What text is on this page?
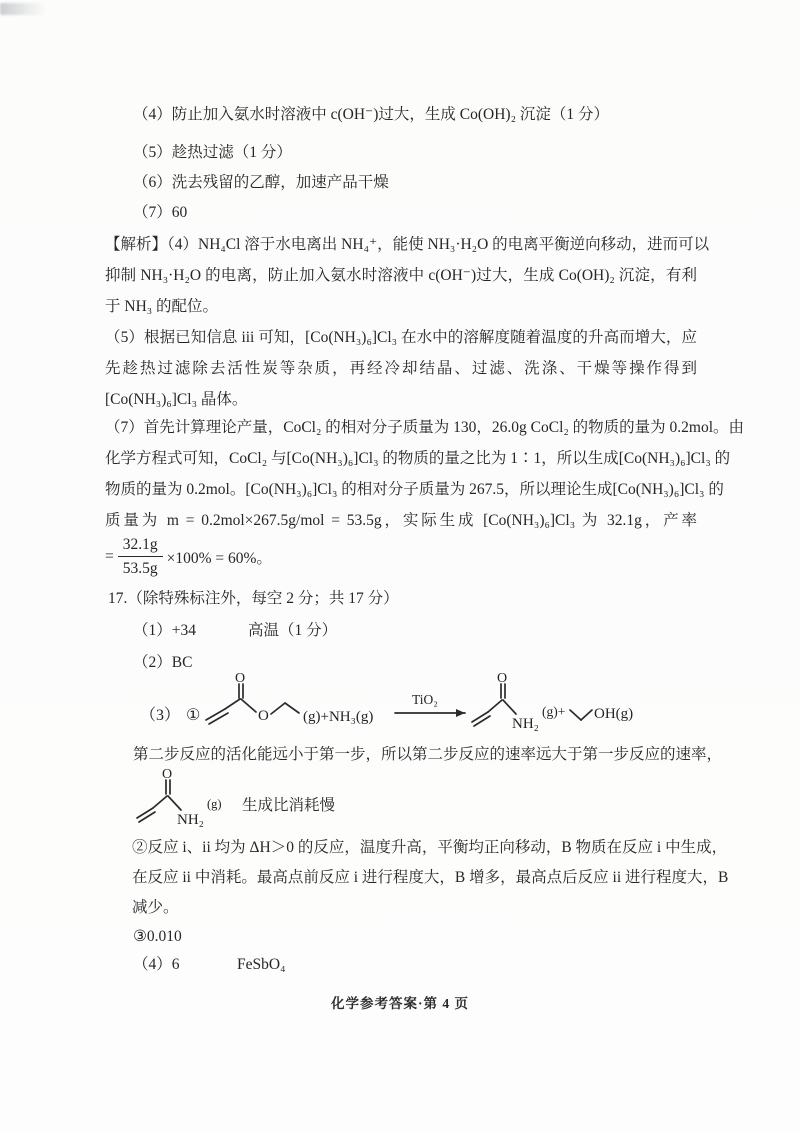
（4）防止加入氨水时溶液中 c(OH⁻)过大，生成 Co(OH)₂ 沉淀（1 分）
（5）趁热过滤（1 分）
（6）洗去残留的乙醇，加速产品干燥
（7）60
【解析】（4）NH₄Cl 溶于水电离出 NH₄⁺，能使 NH₃·H₂O 的电离平衡逆向移动，进而可以
抑制 NH₃·H₂O 的电离，防止加入氨水时溶液中 c(OH⁻)过大，生成 Co(OH)₂ 沉淀，有利
于 NH₃ 的配位。
（5）根据已知信息 iii 可知，[Co(NH₃)₆]Cl₃ 在水中的溶解度随着温度的升高而增大，应
先趁热过滤除去活性炭等杂质，再经冷却结晶、过滤、洗涤、干燥等操作得到
[Co(NH₃)₆]Cl₃ 晶体。
（7）首先计算理论产量，CoCl₂ 的相对分子质量为 130，26.0g CoCl₂ 的物质的量为 0.2mol。由
化学方程式可知，CoCl₂ 与[Co(NH₃)₆]Cl₃ 的物质的量之比为 1∶1，所以生成[Co(NH₃)₆]Cl₃ 的
物质的量为 0.2mol。[Co(NH₃)₆]Cl₃ 的相对分子质量为 267.5，所以理论生成[Co(NH₃)₆]Cl₃ 的
质量为 m = 0.2mol×267.5g/mol = 53.5g，实际生成 [Co(NH₃)₆]Cl₃ 为 32.1g，产率
= $\frac{32.1g}{53.5g} \times 100\% = 60\%$。
17.（除特殊标注外，每空 2 分；共 17 分）
（1）+34	高温（1 分）
（2）BC
（3） ①
O
O (g)+NH₃(g)
TiO₂
O
NH₂
(g)+ OH(g)
第二步反应的活化能远小于第一步，所以第二步反应的速率远大于第一步反应的速率，
O
NH₂
(g) 生成比消耗慢
②反应 i、ii 均为 ΔH＞0 的反应，温度升高，平衡均正向移动，B 物质在反应 i 中生成，
在反应 ii 中消耗。最高点前反应 i 进行程度大，B 增多，最高点后反应 ii 进行程度大，B
减少。
③0.010
（4）6	FeSbO₄
化学参考答案·第 4 页
